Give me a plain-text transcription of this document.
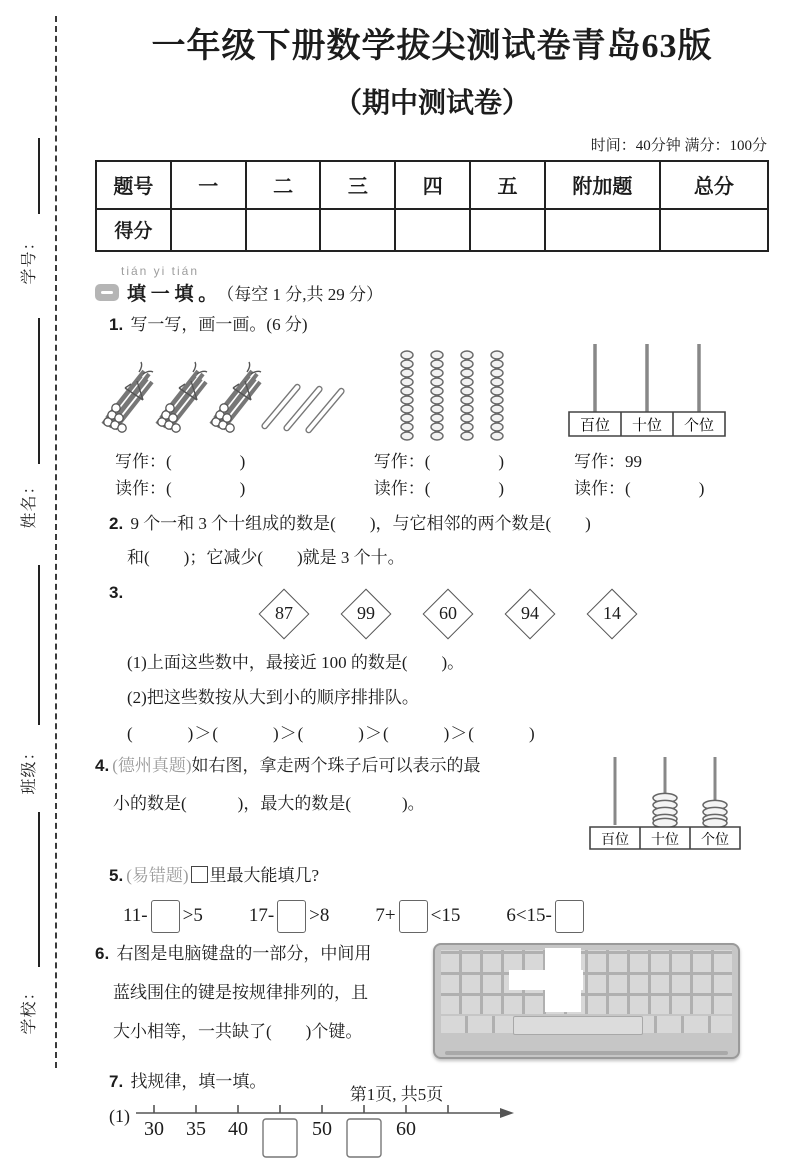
学号：
姓名：
班级：
学校：
一年级下册数学拔尖测试卷青岛63版
（期中测试卷）
时间：40分钟 满分：100分
题号	一	二	三	四	五	附加题	总分
得分							
tián yi tián
填 一 填 。 （每空 1 分,共 29 分）
1. 写一写，画一画。(6 分)
百位 十位 个位
写作：(　　　　)	写作：(　　　　)	写作：99
读作：(　　　　)	读作：(　　　　)	读作：(　　　　)
2. 9 个一和 3 个十组成的数是(　　)，与它相邻的两个数是(　　)
和(　　)；它减少(　　)就是 3 个十。
3.
87	99	60	94	14
(1)上面这些数中，最接近 100 的数是(　　)。
(2)把这些数按从大到小的顺序排排队。
(　　　)＞(　　　)＞(　　　)＞(　　　)＞(　　　)
4. (德州真题)如右图，拿走两个珠子后可以表示的最
小的数是(　　　)，最大的数是(　　　)。
百位 十位 个位
5. (易错题) 里最大能填几?
11- >5 17- >8 7+ <15 6<15-
6. 右图是电脑键盘的一部分，中间用
蓝线围住的键是按规律排列的，且
大小相等，一共缺了(　　)个键。
7. 找规律，填一填。
(1)
30 35 40	50	60
第1页, 共5页
